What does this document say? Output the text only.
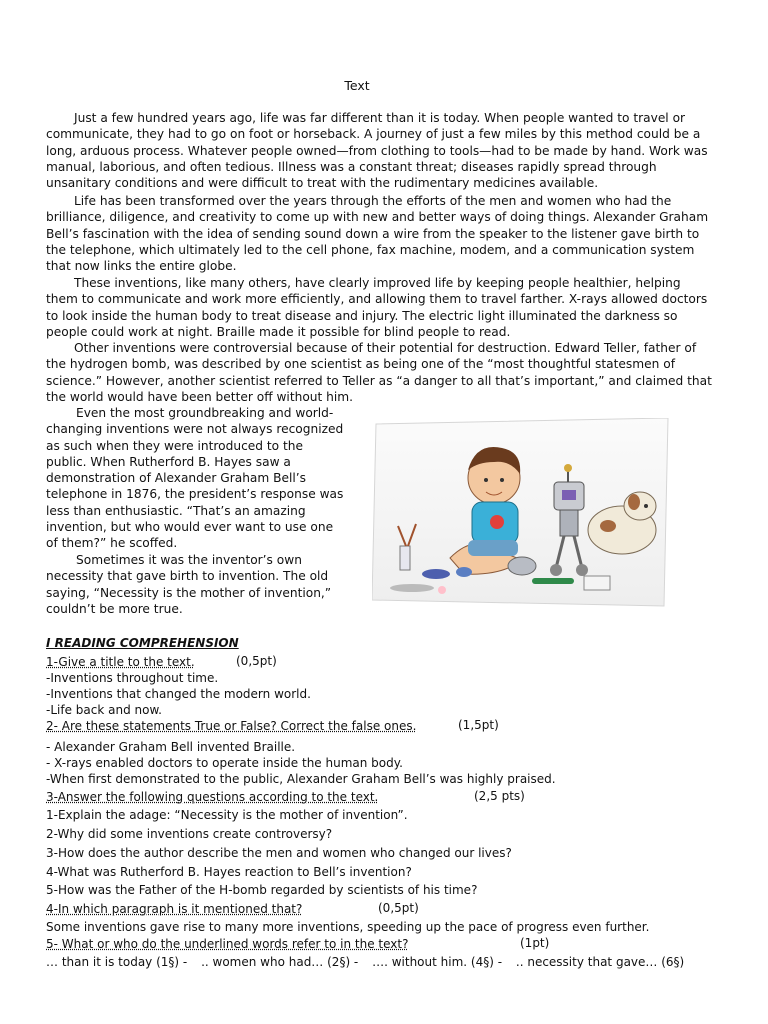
Text

Just a few hundred years ago, life was far different than it is today. When people wanted to travel or communicate, they had to go on foot or horseback. A journey of just a few miles by this method could be a long, arduous process. Whatever people owned—from clothing to tools—had to be made by hand. Work was manual, laborious, and often tedious. Illness was a constant threat; diseases rapidly spread through unsanitary conditions and were difficult to treat with the rudimentary medicines available.

Life has been transformed over the years through the efforts of the men and women who had the brilliance, diligence, and creativity to come up with new and better ways of doing things. Alexander Graham Bell’s fascination with the idea of sending sound down a wire from the speaker to the listener gave birth to the telephone, which ultimately led to the cell phone, fax machine, modem, and a communication system that now links the entire globe.

These inventions, like many others, have clearly improved life by keeping people healthier, helping them to communicate and work more efficiently, and allowing them to travel farther. X-rays allowed doctors to look inside the human body to treat disease and injury. The electric light illuminated the darkness so people could work at night. Braille made it possible for blind people to read.

Other inventions were controversial because of their potential for destruction. Edward Teller, father of the hydrogen bomb, was described by one scientist as being one of the “most thoughtful statesmen of science.” However, another scientist referred to Teller as “a danger to all that’s important,” and claimed that the world would have been better off without him.

Even the most groundbreaking and world-changing inventions were not always recognized as such when they were introduced to the public. When Rutherford B. Hayes saw a demonstration of Alexander Graham Bell’s telephone in 1876, the president’s response was less than enthusiastic. “That’s an amazing invention, but who would ever want to use one of them?” he scoffed.

Sometimes it was the inventor’s own necessity that gave birth to invention. The old saying, “Necessity is the mother of invention,” couldn’t be more true.

I READING COMPREHENSION
1-Give a title to the text.	(0,5pt)
-Inventions throughout time.
-Inventions that changed the modern world.
-Life back and now.
2- Are these statements True or False? Correct the false ones.	(1,5pt)
- Alexander Graham Bell invented Braille.
- X-rays enabled doctors to operate inside the human body.
-When first demonstrated to the public, Alexander Graham Bell’s was highly praised.
3-Answer the following questions according to the text.	(2,5 pts)
1-Explain the adage: “Necessity is the mother of invention”.
2-Why did some inventions create controversy?
3-How does the author describe the men and women who changed our lives?
4-What was Rutherford B. Hayes reaction to Bell’s invention?
5-How was the Father of the H-bomb regarded by scientists of his time?
4-In which paragraph is it mentioned that?	(0,5pt)
Some inventions gave rise to many more inventions, speeding up the pace of progress even further.
5- What or who do the underlined words refer to in the text?	(1pt)
… than it is today (1§) - .. women who had… (2§) - …. without him. (4§) - .. necessity that gave… (6§)
